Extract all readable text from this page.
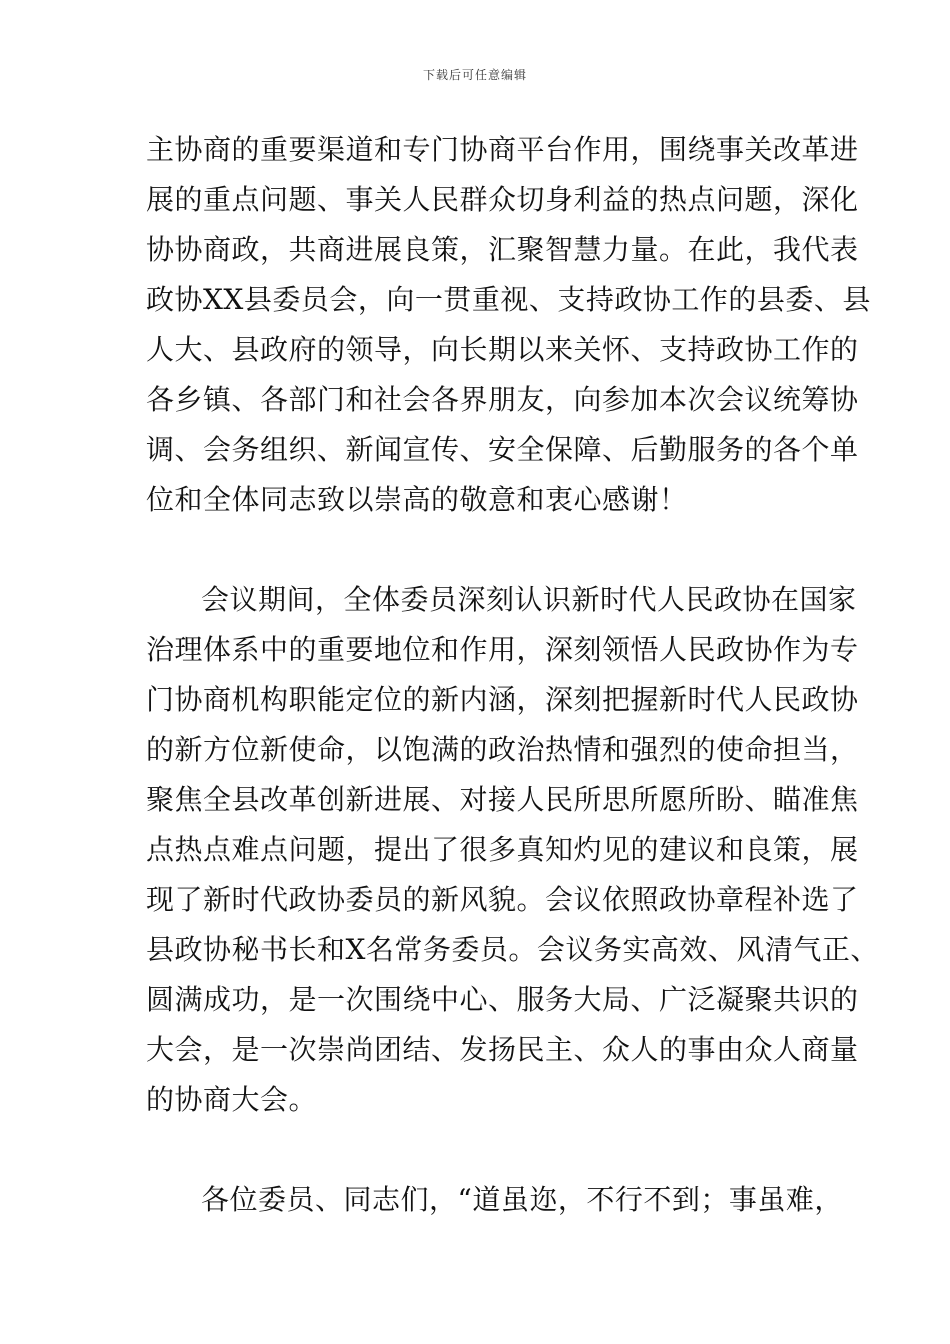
下载后可任意编辑
主协商的重要渠道和专门协商平台作用，围绕事关改革进
展的重点问题、事关人民群众切身利益的热点问题，深化
协协商政，共商进展良策，汇聚智慧力量。在此，我代表
政协XX县委员会，向一贯重视、支持政协工作的县委、县
人大、县政府的领导，向长期以来关怀、支持政协工作的
各乡镇、各部门和社会各界朋友，向参加本次会议统筹协
调、会务组织、新闻宣传、安全保障、后勤服务的各个单
位和全体同志致以崇高的敬意和衷心感谢！
会议期间，全体委员深刻认识新时代人民政协在国家
治理体系中的重要地位和作用，深刻领悟人民政协作为专
门协商机构职能定位的新内涵，深刻把握新时代人民政协
的新方位新使命，以饱满的政治热情和强烈的使命担当，
聚焦全县改革创新进展、对接人民所思所愿所盼、瞄准焦
点热点难点问题，提出了很多真知灼见的建议和良策，展
现了新时代政协委员的新风貌。会议依照政协章程补选了
县政协秘书长和X名常务委员。会议务实高效、风清气正、
圆满成功，是一次围绕中心、服务大局、广泛凝聚共识的
大会，是一次崇尚团结、发扬民主、众人的事由众人商量
的协商大会。
各位委员、同志们，“道虽迩，不行不到；事虽难，
